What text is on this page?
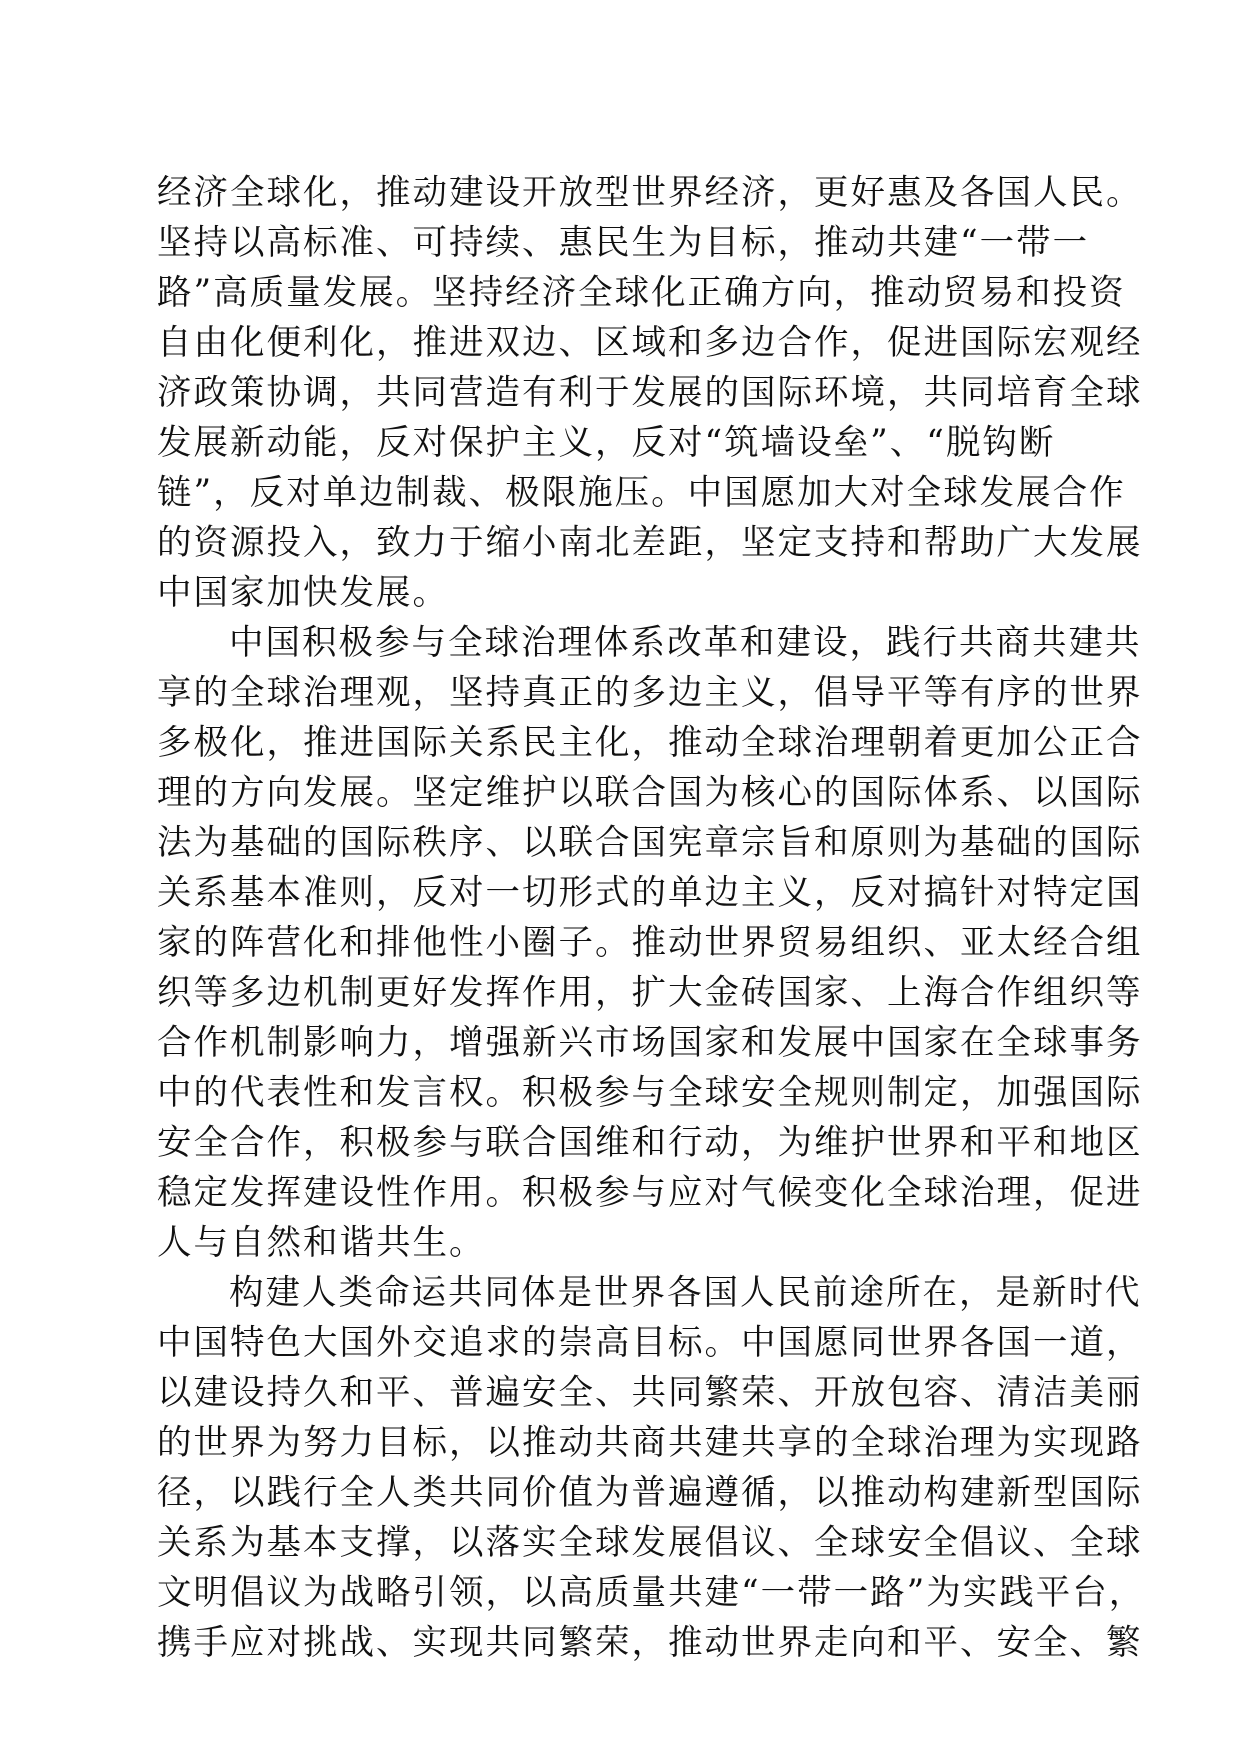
经济全球化，推动建设开放型世界经济，更好惠及各国人民。
坚持以高标准、可持续、惠民生为目标，推动共建“一带一
路”高质量发展。坚持经济全球化正确方向，推动贸易和投资
自由化便利化，推进双边、区域和多边合作，促进国际宏观经
济政策协调，共同营造有利于发展的国际环境，共同培育全球
发展新动能，反对保护主义，反对“筑墙设垒”、“脱钩断
链”，反对单边制裁、极限施压。中国愿加大对全球发展合作
的资源投入，致力于缩小南北差距，坚定支持和帮助广大发展
中国家加快发展。
中国积极参与全球治理体系改革和建设，践行共商共建共
享的全球治理观，坚持真正的多边主义，倡导平等有序的世界
多极化，推进国际关系民主化，推动全球治理朝着更加公正合
理的方向发展。坚定维护以联合国为核心的国际体系、以国际
法为基础的国际秩序、以联合国宪章宗旨和原则为基础的国际
关系基本准则，反对一切形式的单边主义，反对搞针对特定国
家的阵营化和排他性小圈子。推动世界贸易组织、亚太经合组
织等多边机制更好发挥作用，扩大金砖国家、上海合作组织等
合作机制影响力，增强新兴市场国家和发展中国家在全球事务
中的代表性和发言权。积极参与全球安全规则制定，加强国际
安全合作，积极参与联合国维和行动，为维护世界和平和地区
稳定发挥建设性作用。积极参与应对气候变化全球治理，促进
人与自然和谐共生。
构建人类命运共同体是世界各国人民前途所在，是新时代
中国特色大国外交追求的崇高目标。中国愿同世界各国一道，
以建设持久和平、普遍安全、共同繁荣、开放包容、清洁美丽
的世界为努力目标，以推动共商共建共享的全球治理为实现路
径，以践行全人类共同价值为普遍遵循，以推动构建新型国际
关系为基本支撑，以落实全球发展倡议、全球安全倡议、全球
文明倡议为战略引领，以高质量共建“一带一路”为实践平台，
携手应对挑战、实现共同繁荣，推动世界走向和平、安全、繁
